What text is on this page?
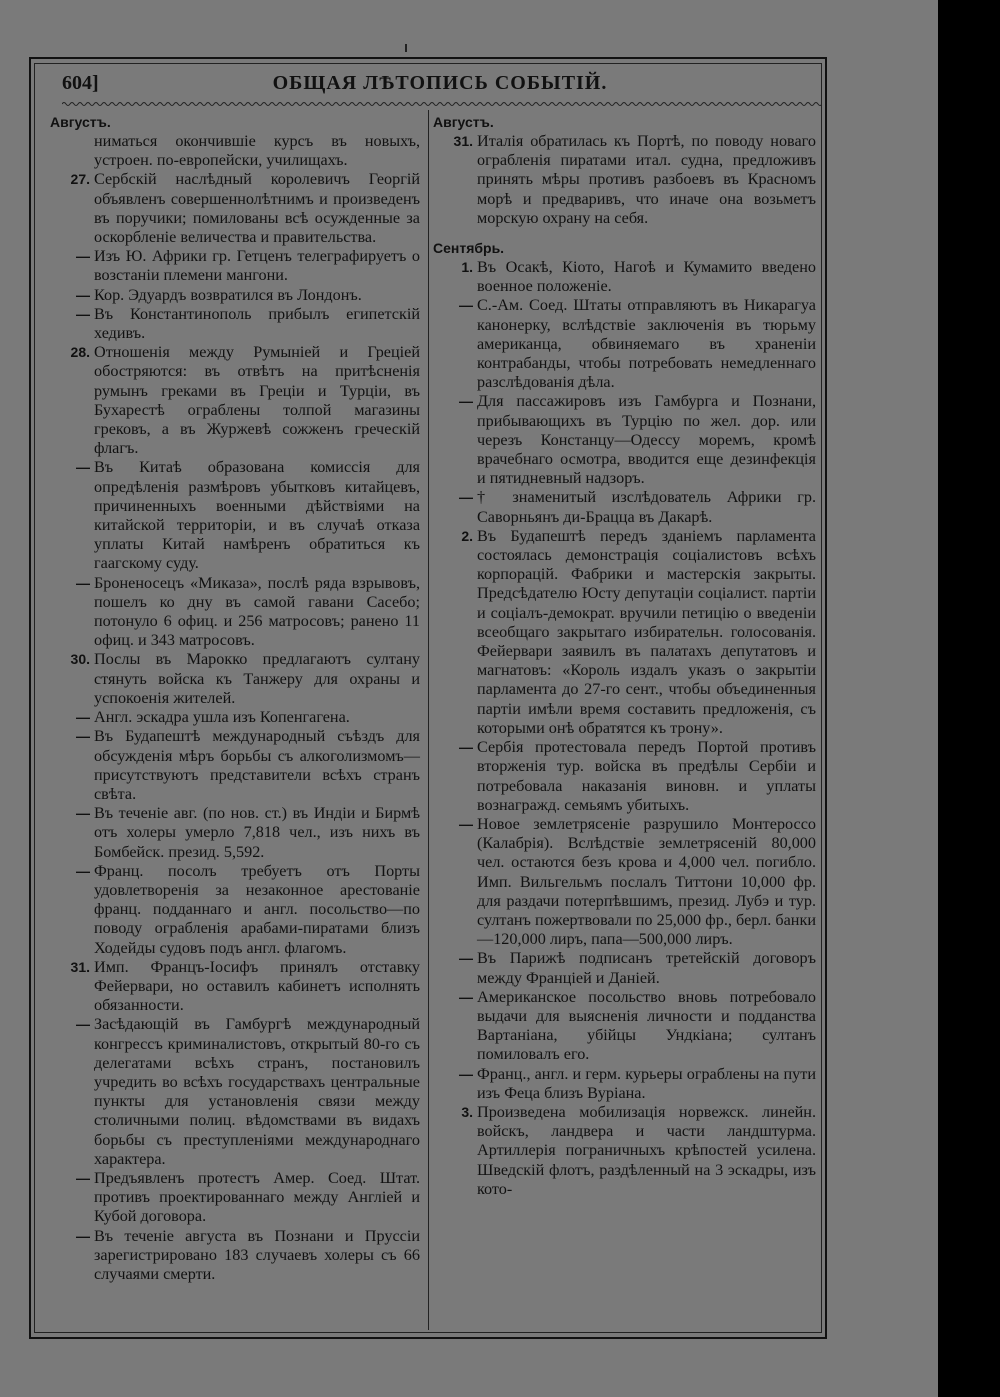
604]	ОБЩАЯ ЛѢТОПИСЬ СОБЫТІЙ.
Августъ.
ниматься окончившіе курсъ въ новыхъ, устроен. по-европейски, училищахъ.
27. Сербскій наслѣдный королевичъ Георгій объявленъ совершеннолѣтнимъ и произведенъ въ поручики; помилованы всѣ осужденные за оскорбленіе величества и правительства.
— Изъ Ю. Африки гр. Гетценъ телеграфируетъ о возстаніи племени мангони.
— Кор. Эдуардъ возвратился въ Лондонъ.
— Въ Константинополь прибылъ египетскій хедивъ.
28. Отношенія между Румыніей и Греціей обостряются: въ отвѣтъ на притѣсненія румынъ греками въ Греціи и Турціи, въ Бухарестѣ ограблены толпой магазины грековъ, а въ Журжевѣ сожженъ греческій флагъ.
— Въ Китаѣ образована комиссія для опредѣленія размѣровъ убытковъ китайцевъ, причиненныхъ военными дѣйствіями на китайской территоріи, и въ случаѣ отказа уплаты Китай намѣренъ обратиться къ гаагскому суду.
— Броненосецъ «Миказа», послѣ ряда взрывовъ, пошелъ ко дну въ самой гавани Сасебо; потонуло 6 офиц. и 256 матросовъ; ранено 11 офиц. и 343 матросовъ.
30. Послы въ Марокко предлагаютъ султану стянуть войска къ Танжеру для охраны и успокоенія жителей.
— Англ. эскадра ушла изъ Копенгагена.
— Въ Будапештѣ международный съѣздъ для обсужденія мѣръ борьбы съ алкоголизмомъ—присутствуютъ представители всѣхъ странъ свѣта.
— Въ теченіе авг. (по нов. ст.) въ Индіи и Бирмѣ отъ холеры умерло 7,818 чел., изъ нихъ въ Бомбейск. презид. 5,592.
— Франц. посолъ требуетъ отъ Порты удовлетворенія за незаконное арестованіе франц. подданнаго и англ. посольство—по поводу ограбленія арабами-пиратами близъ Ходейды судовъ подъ англ. флагомъ.
31. Имп. Францъ-Іосифъ принялъ отставку Фейервари, но оставилъ кабинетъ исполнять обязанности.
— Засѣдающій въ Гамбургѣ международный конгрессъ криминалистовъ, открытый 80-го съ делегатами всѣхъ странъ, постановилъ учредить во всѣхъ государствахъ центральные пункты для установленія связи между столичными полиц. вѣдомствами въ видахъ борьбы съ преступленіями международнаго характера.
— Предъявленъ протестъ Амер. Соед. Штат. противъ проектированнаго между Англіей и Кубой договора.
— Въ теченіе августа въ Познани и Пруссіи зарегистрировано 183 случаевъ холеры съ 66 случаями смерти.
Августъ.
31. Италія обратилась къ Портѣ, по поводу новаго ограбленія пиратами итал. судна, предложивъ принять мѣры противъ разбоевъ въ Красномъ морѣ и предваривъ, что иначе она возьметъ морскую охрану на себя.
Сентябрь.
1. Въ Осакѣ, Кіото, Нагоѣ и Кумамито введено военное положеніе.
— С.-Ам. Соед. Штаты отправляютъ въ Никарагуа канонерку, вслѣдствіе заключенія въ тюрьму американца, обвиняемаго въ храненіи контрабанды, чтобы потребовать немедленнаго разслѣдованія дѣла.
— Для пассажировъ изъ Гамбурга и Познани, прибывающихъ въ Турцію по жел. дор. или черезъ Констанцу—Одессу моремъ, кромѣ врачебнаго осмотра, вводится еще дезинфекція и пятидневный надзоръ.
— † знаменитый изслѣдователь Африки гр. Саворньянъ ди-Брацца въ Дакарѣ.
2. Въ Будапештѣ передъ зданіемъ парламента состоялась демонстрація соціалистовъ всѣхъ корпорацій. Фабрики и мастерскія закрыты. Предсѣдателю Юсту депутаціи соціалист. партіи и соціалъ-демократ. вручили петицію о введеніи всеобщаго закрытаго избирательн. голосованія. Фейервари заявилъ въ палатахъ депутатовъ и магнатовъ: «Король издалъ указъ о закрытіи парламента до 27-го сент., чтобы объединенныя партіи имѣли время составить предложенія, съ которыми онѣ обратятся къ трону».
— Сербія протестовала передъ Портой противъ вторженія тур. войска въ предѣлы Сербіи и потребовала наказанія виновн. и уплаты вознагражд. семьямъ убитыхъ.
— Новое землетрясеніе разрушило Монтероссо (Калабрія). Вслѣдствіе землетрясеній 80,000 чел. остаются безъ крова и 4,000 чел. погибло. Имп. Вильгельмъ послалъ Титтони 10,000 фр. для раздачи потерпѣвшимъ, презид. Лубэ и тур. султанъ пожертвовали по 25,000 фр., берл. банки—120,000 лиръ, папа—500,000 лиръ.
— Въ Парижѣ подписанъ третейскій договоръ между Франціей и Даніей.
— Американское посольство вновь потребовало выдачи для выясненія личности и подданства Вартаніана, убійцы Ундкіана; султанъ помиловалъ его.
— Франц., англ. и герм. курьеры ограблены на пути изъ Феца близъ Вуріана.
3. Произведена мобилизація норвежск. линейн. войскъ, ландвера и части ландштурма. Артиллерія пограничныхъ крѣпостей усилена. Шведскій флотъ, раздѣленный на 3 эскадры, изъ кото-
